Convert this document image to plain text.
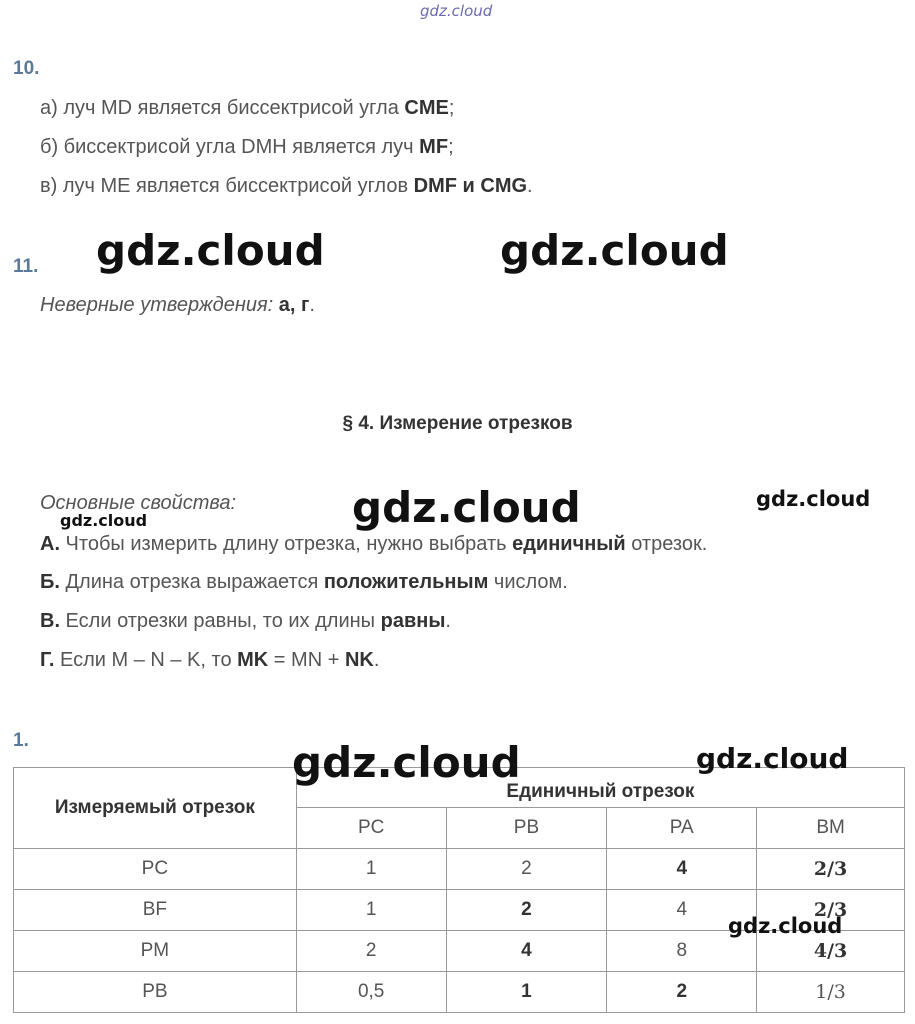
gdz.cloud
10.
а) луч MD является биссектрисой угла CME;
б) биссектрисой угла DMH является луч MF;
в) луч ME является биссектрисой углов DMF и CMG.
gdz.cloud	gdz.cloud
11.
Неверные утверждения: а, г.
§ 4. Измерение отрезков
Основные свойства:
gdz.cloud	gdz.cloud	gdz.cloud
А. Чтобы измерить длину отрезка, нужно выбрать единичный отрезок.
Б. Длина отрезка выражается положительным числом.
В. Если отрезки равны, то их длины равны.
Г. Если M – N – K, то MK = MN + NK.
1.
Измеряемый отрезок	Единичный отрезок			
	PC	PB	PA	BM
PC	1	2	4	2/3
BF	1	2	4	2/3
PM	2	4	8	4/3
PB	0,5	1	2	1/3
gdz.cloud	gdz.cloud
gdz.cloud
